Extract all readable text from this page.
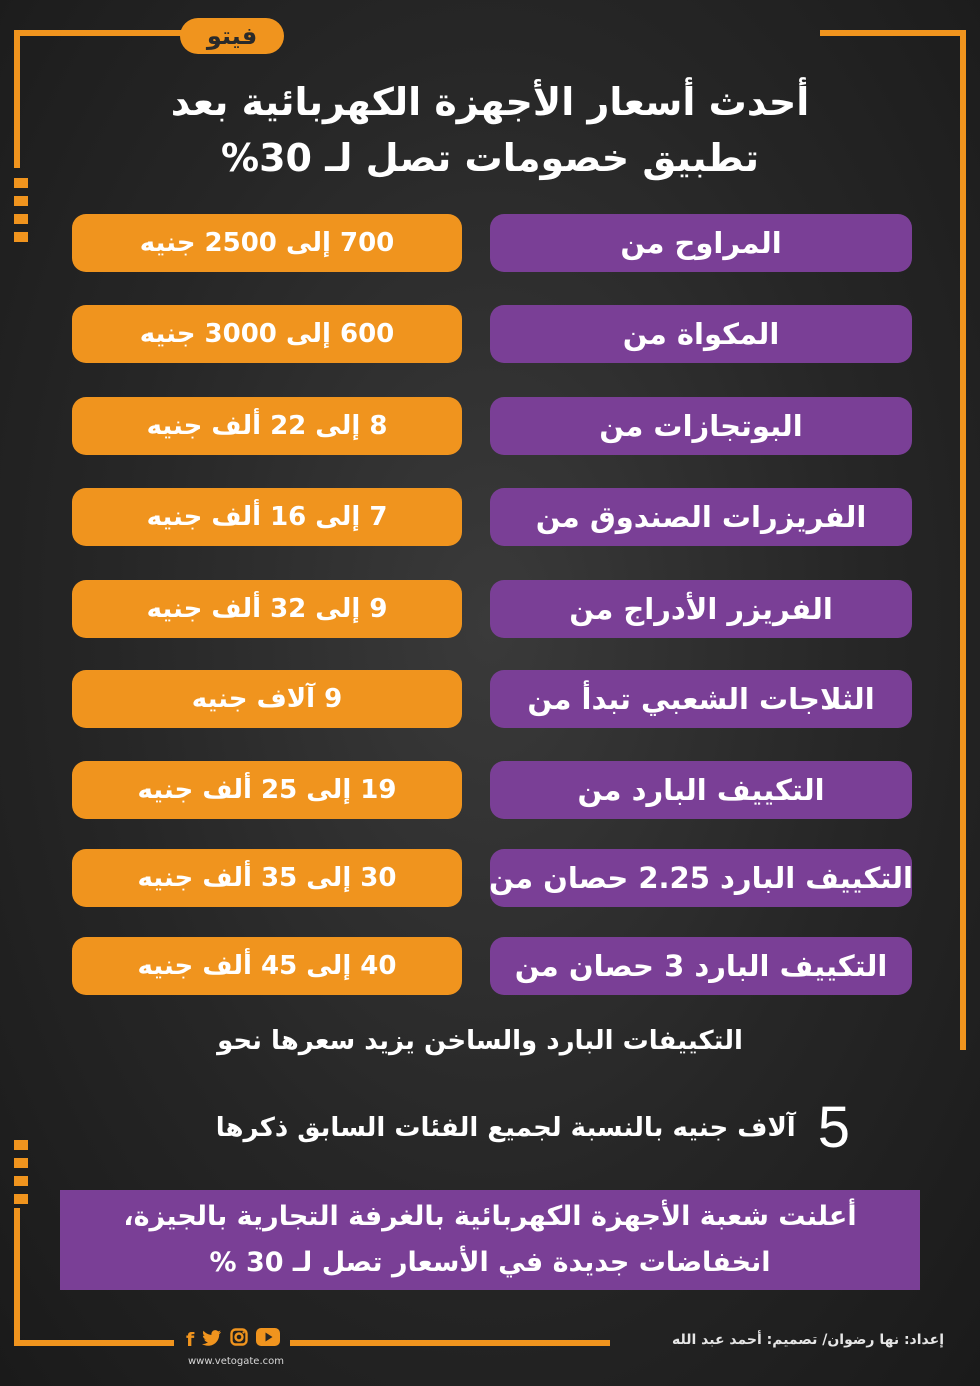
فيتو
أحدث أسعار الأجهزة الكهربائية بعد
تطبيق خصومات تصل لـ 30%
المراوح من
700 إلى 2500 جنيه
المكواة من
600 إلى 3000 جنيه
البوتجازات من
8 إلى 22 ألف جنيه
الفريزرات الصندوق من
7 إلى 16 ألف جنيه
الفريزر الأدراج من
9 إلى 32 ألف جنيه
الثلاجات الشعبي تبدأ من
9 آلاف جنيه
التكييف البارد من
19 إلى 25 ألف جنيه
التكييف البارد 2.25 حصان من
30 إلى 35 ألف جنيه
التكييف البارد 3 حصان من
40 إلى 45 ألف جنيه
التكييفات البارد والساخن يزيد سعرها نحو
5
آلاف جنيه بالنسبة لجميع الفئات السابق ذكرها
أعلنت شعبة الأجهزة الكهربائية بالغرفة التجارية بالجيزة،
انخفاضات جديدة في الأسعار تصل لـ 30 %
إعداد: نها رضوان/ تصميم: أحمد عبد الله
f
www.vetogate.com
